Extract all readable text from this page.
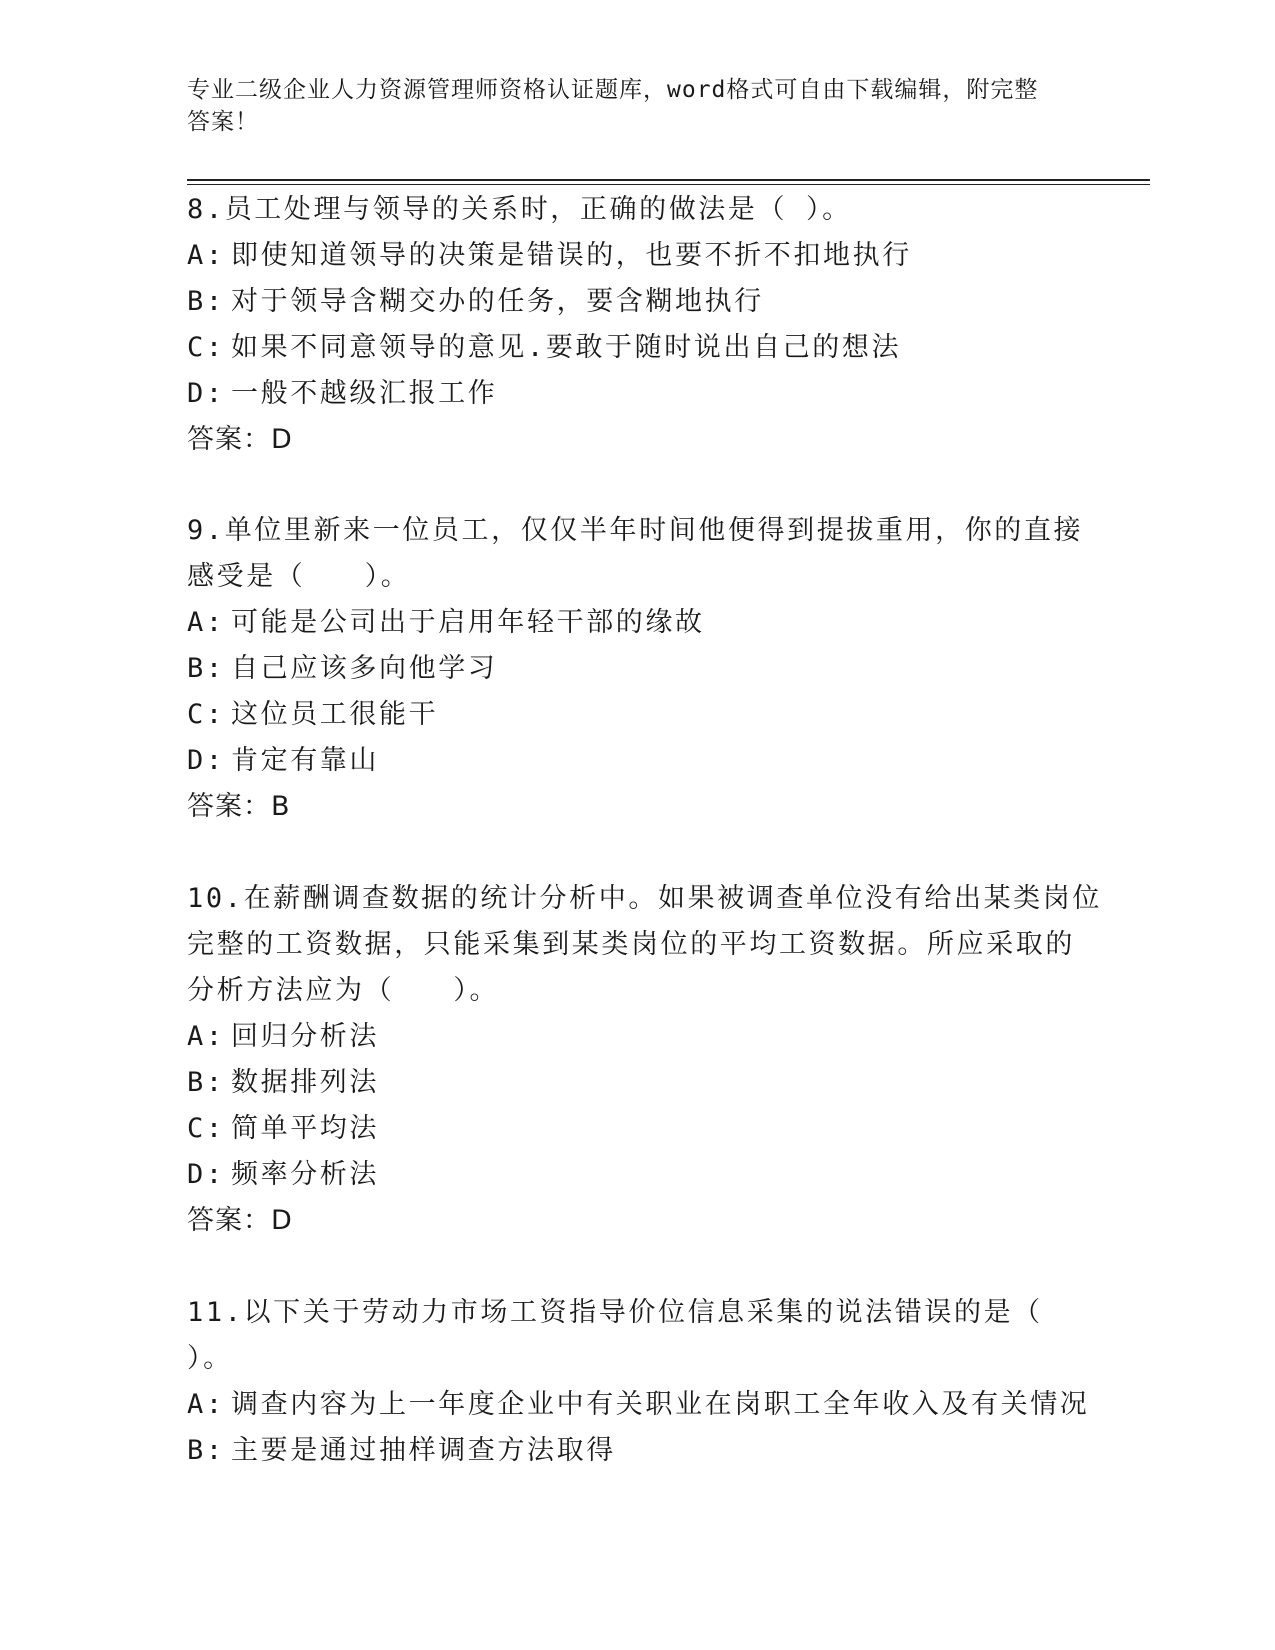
专业二级企业人力资源管理师资格认证题库，word格式可自由下载编辑，附完整
答案！
8.员工处理与领导的关系时，正确的做法是（ ）。
A: 即使知道领导的决策是错误的，也要不折不扣地执行
B: 对于领导含糊交办的任务，要含糊地执行
C: 如果不同意领导的意见.要敢于随时说出自己的想法
D: 一般不越级汇报工作
答案：D
9.单位里新来一位员工，仅仅半年时间他便得到提拔重用，你的直接
感受是（　　）。
A: 可能是公司出于启用年轻干部的缘故
B: 自己应该多向他学习
C: 这位员工很能干
D: 肯定有靠山
答案：B
10.在薪酬调查数据的统计分析中。如果被调查单位没有给出某类岗位
完整的工资数据，只能采集到某类岗位的平均工资数据。所应采取的
分析方法应为（　　）。
A: 回归分析法
B: 数据排列法
C: 简单平均法
D: 频率分析法
答案：D
11.以下关于劳动力市场工资指导价位信息采集的说法错误的是（
）。
A: 调查内容为上一年度企业中有关职业在岗职工全年收入及有关情况
B: 主要是通过抽样调查方法取得
